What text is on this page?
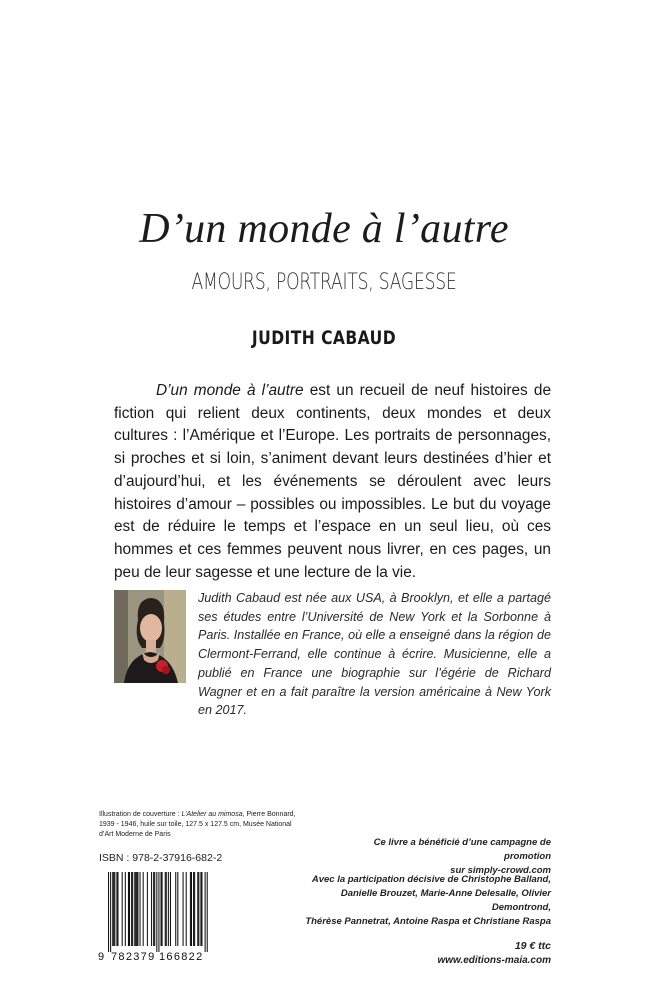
D’un monde à l’autre
AMOURS, PORTRAITS, SAGESSE
JUDITH CABAUD

D’un monde à l’autre est un recueil de neuf histoires de fiction qui relient deux continents, deux mondes et deux cultures : l’Amérique et l’Europe. Les portraits de personnages, si proches et si loin, s’animent devant leurs destinées d’hier et d’aujourd’hui, et les événements se déroulent avec leurs histoires d’amour – possibles ou impossibles. Le but du voyage est de réduire le temps et l’espace en un seul lieu, où ces hommes et ces femmes peuvent nous livrer, en ces pages, un peu de leur sagesse et une lecture de la vie.

Judith Cabaud est née aux USA, à Brooklyn, et elle a partagé ses études entre l’Université de New York et la Sorbonne à Paris. Installée en France, où elle a enseigné dans la région de Clermont-Ferrand, elle continue à écrire. Musicienne, elle a publié en France une biographie sur l’égérie de Richard Wagner et en a fait paraître la version américaine à New York en 2017.

Illustration de couverture : L’Atelier au mimosa, Pierre Bonnard, 1939 - 1946, huile sur toile, 127.5 x 127.5 cm, Musée National d’Art Moderne de Paris
ISBN : 978-2-37916-682-2
9 782379 166822
Ce livre a bénéficié d’une campagne de promotion
sur simply-crowd.com
Avec la participation décisive de Christophe Balland,
Danielle Brouzet, Marie-Anne Delesalle, Olivier Demontrond,
Thérèse Pannetrat, Antoine Raspa et Christiane Raspa
19 € ttc
www.editions-maia.com
